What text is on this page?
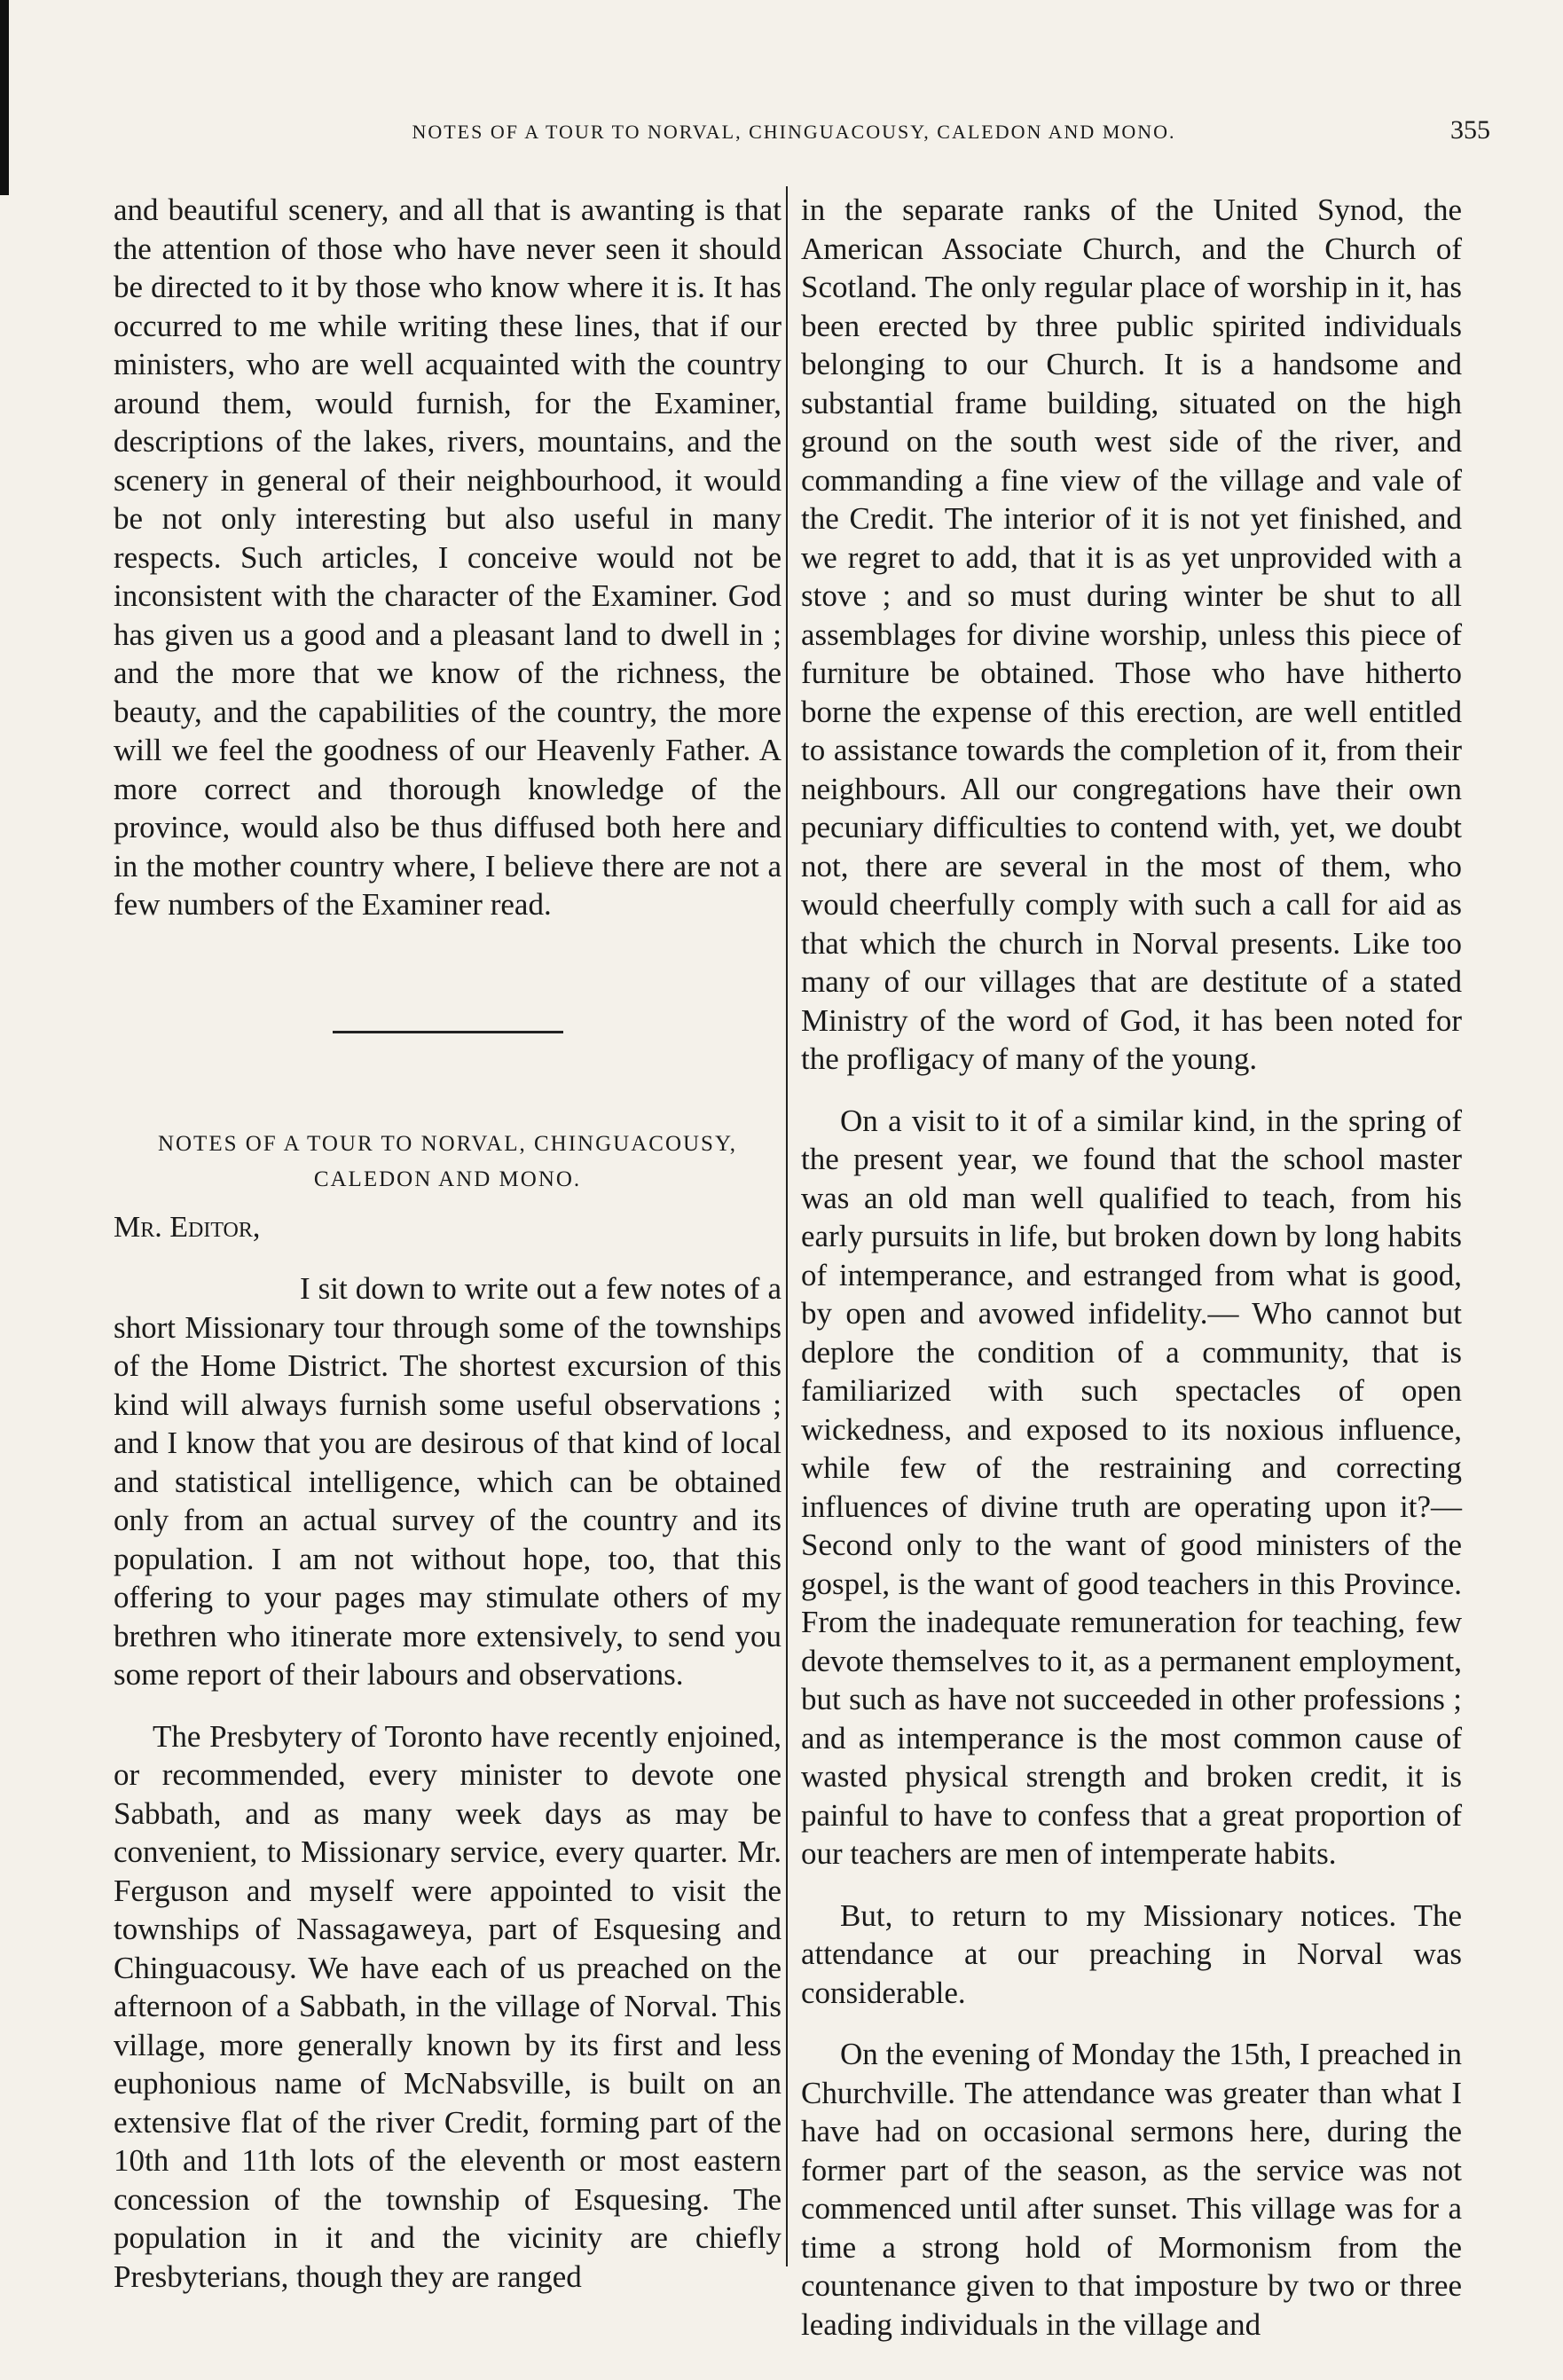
NOTES OF A TOUR TO NORVAL, CHINGUACOUSY, CALEDON AND MONO.	355

and beautiful scenery, and all that is awanting is that the attention of those who have never seen it should be directed to it by those who know where it is. It has occurred to me while writing these lines, that if our ministers, who are well acquainted with the country around them, would furnish, for the Examiner, descriptions of the lakes, rivers, mountains, and the scenery in general of their neighbourhood, it would be not only interesting but also useful in many respects. Such articles, I conceive would not be inconsistent with the character of the Examiner. God has given us a good and a pleasant land to dwell in ; and the more that we know of the richness, the beauty, and the capabilities of the country, the more will we feel the goodness of our Heavenly Father. A more correct and thorough knowledge of the province, would also be thus diffused both here and in the mother country where, I believe there are not a few numbers of the Examiner read.

NOTES OF A TOUR TO NORVAL, CHINGUACOUSY, CALEDON AND MONO.
Mr. Editor,

I sit down to write out a few notes of a short Missionary tour through some of the townships of the Home District. The shortest excursion of this kind will always furnish some useful observations ; and I know that you are desirous of that kind of local and statistical intelligence, which can be obtained only from an actual survey of the country and its population. I am not without hope, too, that this offering to your pages may stimulate others of my brethren who itinerate more extensively, to send you some report of their labours and observations.

The Presbytery of Toronto have recently enjoined, or recommended, every minister to devote one Sabbath, and as many week days as may be convenient, to Missionary service, every quarter. Mr. Ferguson and myself were appointed to visit the townships of Nassagaweya, part of Esquesing and Chinguacousy. We have each of us preached on the afternoon of a Sabbath, in the village of Norval. This village, more generally known by its first and less euphonious name of McNabsville, is built on an extensive flat of the river Credit, forming part of the 10th and 11th lots of the eleventh or most eastern concession of the township of Esquesing. The population in it and the vicinity are chiefly Presbyterians, though they are ranged

in the separate ranks of the United Synod, the American Associate Church, and the Church of Scotland. The only regular place of worship in it, has been erected by three public spirited individuals belonging to our Church. It is a handsome and substantial frame building, situated on the high ground on the south west side of the river, and commanding a fine view of the village and vale of the Credit. The interior of it is not yet finished, and we regret to add, that it is as yet unprovided with a stove ; and so must during winter be shut to all assemblages for divine worship, unless this piece of furniture be obtained. Those who have hitherto borne the expense of this erection, are well entitled to assistance towards the completion of it, from their neighbours. All our congregations have their own pecuniary difficulties to contend with, yet, we doubt not, there are several in the most of them, who would cheerfully comply with such a call for aid as that which the church in Norval presents. Like too many of our villages that are destitute of a stated Ministry of the word of God, it has been noted for the profligacy of many of the young.

On a visit to it of a similar kind, in the spring of the present year, we found that the school master was an old man well qualified to teach, from his early pursuits in life, but broken down by long habits of intemperance, and estranged from what is good, by open and avowed infidelity.— Who cannot but deplore the condition of a community, that is familiarized with such spectacles of open wickedness, and exposed to its noxious influence, while few of the restraining and correcting influences of divine truth are operating upon it?— Second only to the want of good ministers of the gospel, is the want of good teachers in this Province. From the inadequate remuneration for teaching, few devote themselves to it, as a permanent employment, but such as have not succeeded in other professions ; and as intemperance is the most common cause of wasted physical strength and broken credit, it is painful to have to confess that a great proportion of our teachers are men of intemperate habits.

But, to return to my Missionary notices. The attendance at our preaching in Norval was considerable.

On the evening of Monday the 15th, I preached in Churchville. The attendance was greater than what I have had on occasional sermons here, during the former part of the season, as the service was not commenced until after sunset. This village was for a time a strong hold of Mormonism from the countenance given to that imposture by two or three leading individuals in the village and
